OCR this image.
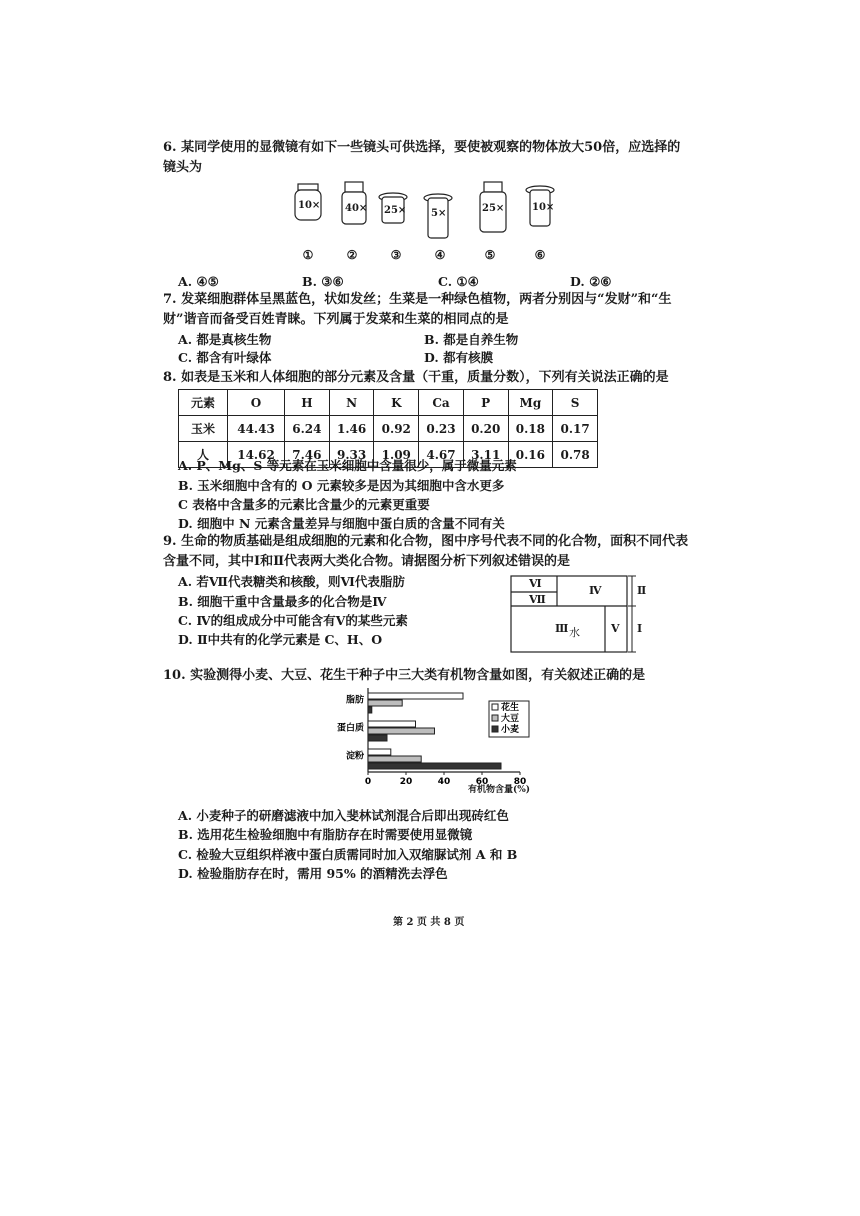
6. 某同学使用的显微镜有如下一些镜头可供选择，要使被观察的物体放大50倍，应选择的
镜头为
10× 40× 25× 5×	25×	10×
①	②	③	④	⑤	⑥
A. ④⑤	B. ③⑥	C. ①④	D. ②⑥
7. 发菜细胞群体呈黑蓝色，状如发丝；生菜是一种绿色植物，两者分别因与“发财”和“生
财”谐音而备受百姓青睐。下列属于发菜和生菜的相同点的是
A. 都是真核生物	B. 都是自养生物
C. 都含有叶绿体	D. 都有核膜
8. 如表是玉米和人体细胞的部分元素及含量（干重，质量分数），下列有关说法正确的是
元素	O	H	N	K	Ca	P	Mg	S
玉米	44.43	6.24	1.46	0.92	0.23	0.20	0.18	0.17
人	14.62	7.46	9.33	1.09	4.67	3.11	0.16	0.78
A. P、Mg、S 等元素在玉米细胞中含量很少，属于微量元素
B. 玉米细胞中含有的 O 元素较多是因为其细胞中含水更多
C 表格中含量多的元素比含量少的元素更重要
D. 细胞中 N 元素含量差异与细胞中蛋白质的含量不同有关
9. 生命的物质基础是组成细胞的元素和化合物，图中序号代表不同的化合物，面积不同代表
含量不同，其中Ⅰ和Ⅱ代表两大类化合物。请据图分析下列叙述错误的是
A. 若Ⅶ代表糖类和核酸，则Ⅵ代表脂肪
B. 细胞干重中含量最多的化合物是Ⅳ
C. Ⅳ的组成成分中可能含有Ⅴ的某些元素
D. Ⅱ中共有的化学元素是 C、H、O
Ⅵ
Ⅶ
Ⅳ
Ⅲ 水	Ⅴ
Ⅱ
Ⅰ
10. 实验测得小麦、大豆、花生干种子中三大类有机物含量如图，有关叙述正确的是
0	20	40	60	80
脂肪
蛋白质
淀粉
花生
大豆
小麦
有机物含量(%)
A. 小麦种子的研磨滤液中加入斐林试剂混合后即出现砖红色
B. 选用花生检验细胞中有脂肪存在时需要使用显微镜
C. 检验大豆组织样液中蛋白质需同时加入双缩脲试剂 A 和 B
D. 检验脂肪存在时，需用 95% 的酒精洗去浮色
第 2 页 共 8 页
